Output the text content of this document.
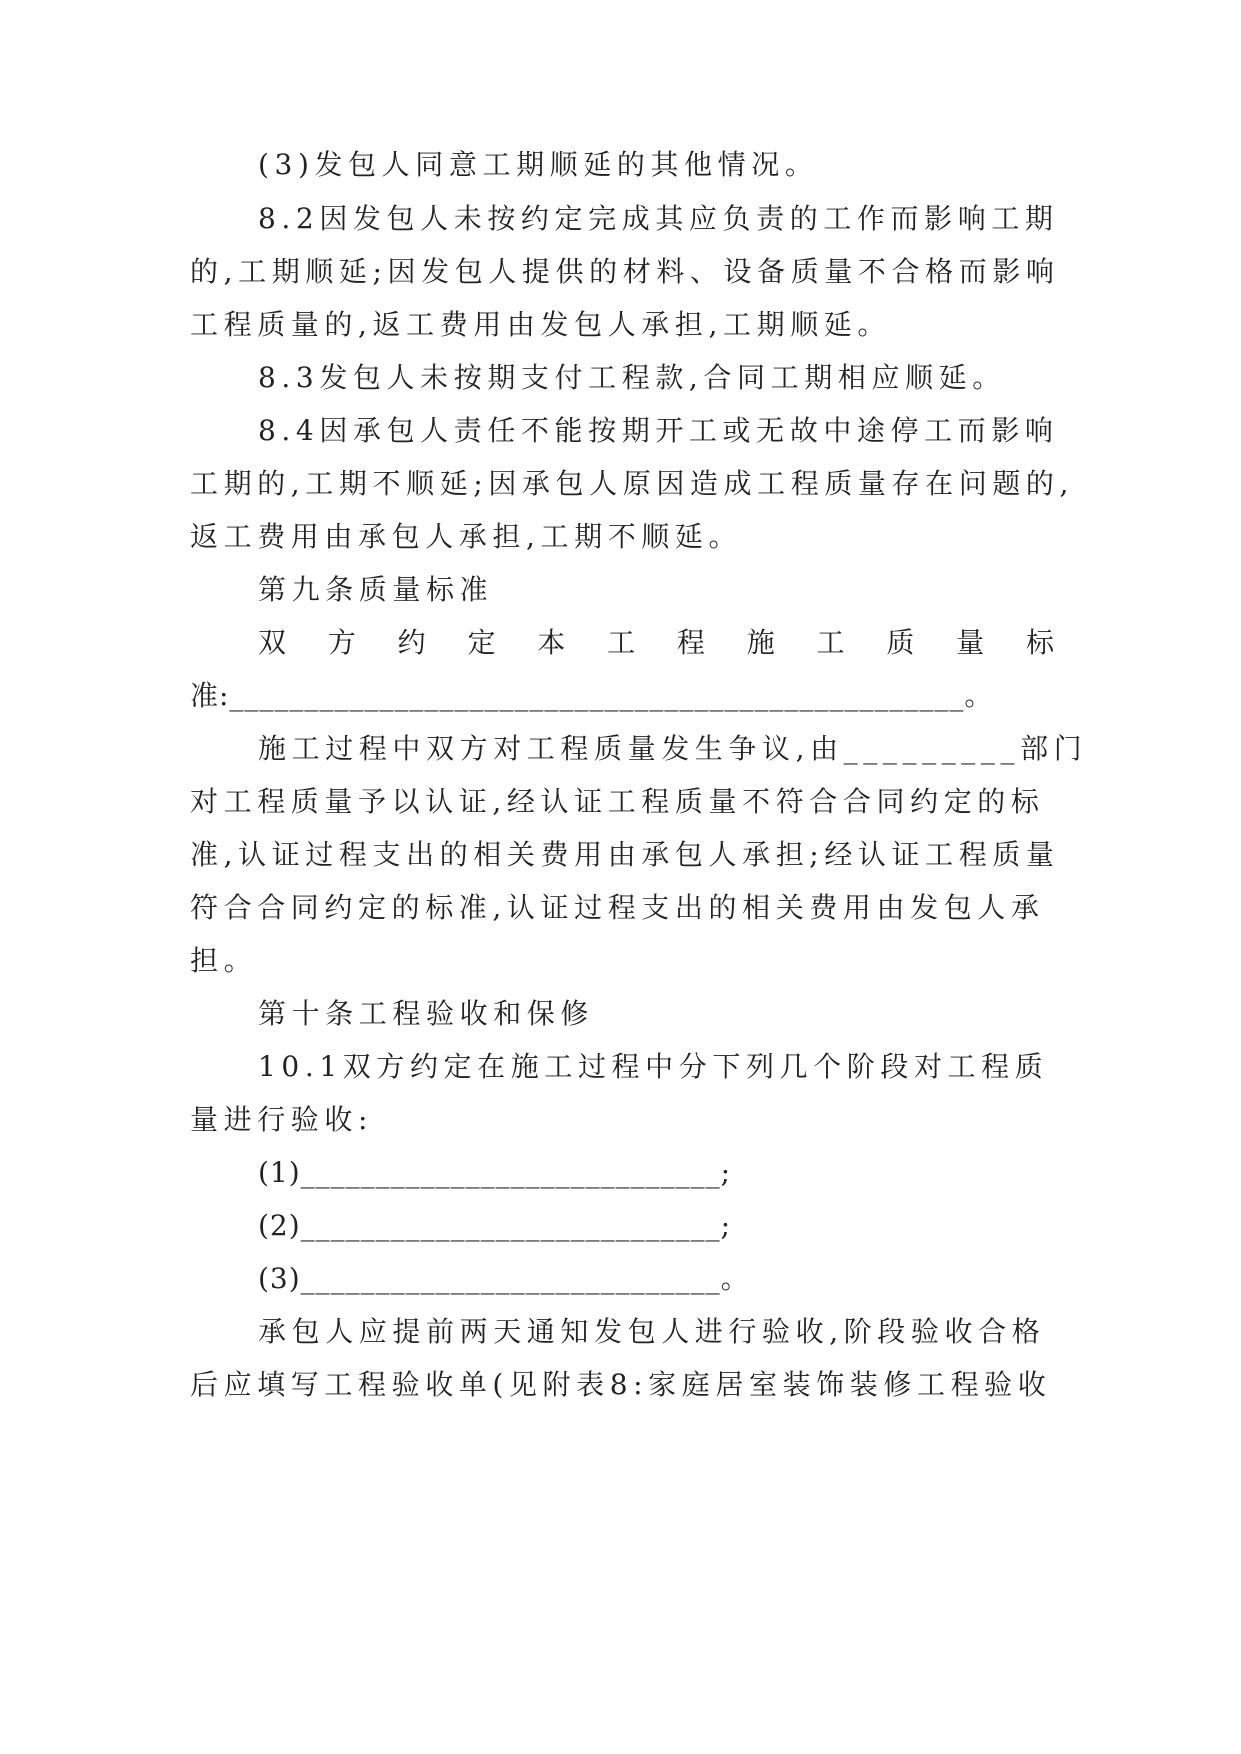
(3)发包人同意工期顺延的其他情况。
8.2因发包人未按约定完成其应负责的工作而影响工期
的,工期顺延;因发包人提供的材料、设备质量不合格而影响
工程质量的,返工费用由发包人承担,工期顺延。
8.3发包人未按期支付工程款,合同工期相应顺延。
8.4因承包人责任不能按期开工或无故中途停工而影响
工期的,工期不顺延;因承包人原因造成工程质量存在问题的,
返工费用由承包人承担,工期不顺延。
第九条质量标准
双 方 约 定 本 工 程 施 工 质 量 标
准:_________________________________________________。
施工过程中双方对工程质量发生争议,由_________部门
对工程质量予以认证,经认证工程质量不符合合同约定的标
准,认证过程支出的相关费用由承包人承担;经认证工程质量
符合合同约定的标准,认证过程支出的相关费用由发包人承
担。
第十条工程验收和保修
10.1双方约定在施工过程中分下列几个阶段对工程质
量进行验收:
(1)____________________________;
(2)____________________________;
(3)____________________________。
承包人应提前两天通知发包人进行验收,阶段验收合格
后应填写工程验收单(见附表8:家庭居室装饰装修工程验收
